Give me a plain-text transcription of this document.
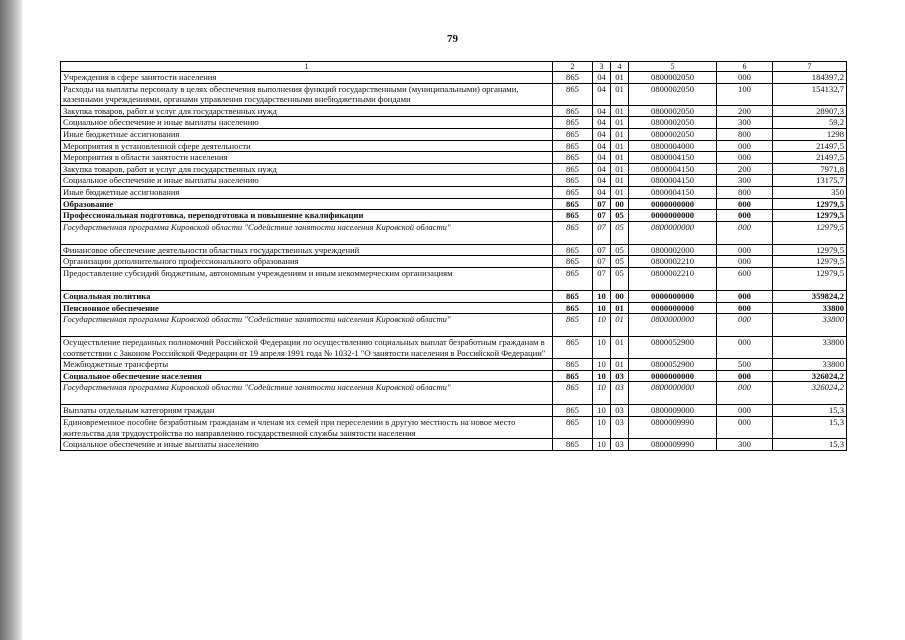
79
1	2	3	4	5	6	7
Учреждения в сфере занятости населения	865	04	01	0800002050	000	184397,2
Расходы на выплаты персоналу в целях обеспечения выполнения функций государственными (муниципальными) органами, казенными учреждениями, органами управления государственными внебюджетными фондами	865	04	01	0800002050	100	154132,7
Закупка товаров, работ и услуг для государственных нужд	865	04	01	0800002050	200	28907,3
Социальное обеспечение и иные выплаты населению	865	04	01	0800002050	300	59,2
Иные бюджетные ассигнования	865	04	01	0800002050	800	1298
Мероприятия в установленной сфере деятельности	865	04	01	0800004000	000	21497,5
Мероприятия в области занятости населения	865	04	01	0800004150	000	21497,5
Закупка товаров, работ и услуг для государственных нужд	865	04	01	0800004150	200	7971,8
Социальное обеспечение и иные выплаты населению	865	04	01	0800004150	300	13175,7
Иные бюджетные ассигнования	865	04	01	0800004150	800	350
Образование	865	07	00	0000000000	000	12979,5
Профессиональная подготовка, переподготовка и повышение квалификации	865	07	05	0000000000	000	12979,5
Государственная программа Кировской области "Содействие занятости населения Кировской области"	865	07	05	0800000000	000	12979,5
Финансовое обеспечение деятельности областных государственных учреждений	865	07	05	0800002000	000	12979,5
Организации дополнительного профессионального образования	865	07	05	0800002210	000	12979,5
Предоставление субсидий бюджетным, автономным учреждениям и иным некоммерческим организациям	865	07	05	0800002210	600	12979,5
Социальная политика	865	10	00	0000000000	000	359824,2
Пенсионное обеспечение	865	10	01	0000000000	000	33800
Государственная программа Кировской области "Содействие занятости населения Кировской области"	865	10	01	0800000000	000	33800
Осуществление переданных полномочий Российской Федерации по осуществлению социальных выплат безработным гражданам в соответствии с Законом Российской Федерации от 19 апреля 1991 года № 1032-1 "О занятости населения в Российской Федерации"	865	10	01	0800052900	000	33800
Межбюджетные трансферты	865	10	01	0800052900	500	33800
Социальное обеспечение населения	865	10	03	0000000000	000	326024,2
Государственная программа Кировской области "Содействие занятости населения Кировской области"	865	10	03	0800000000	000	326024,2
Выплаты отдельным категориям граждан	865	10	03	0800009000	000	15,3
Единовременное пособие безработным гражданам и членам их семей при переселении в другую местность на новое место жительства для трудоустройства по направлению государственной службы занятости населения	865	10	03	0800009990	000	15,3
Социальное обеспечение и иные выплаты населению	865	10	03	0800009990	300	15,3
